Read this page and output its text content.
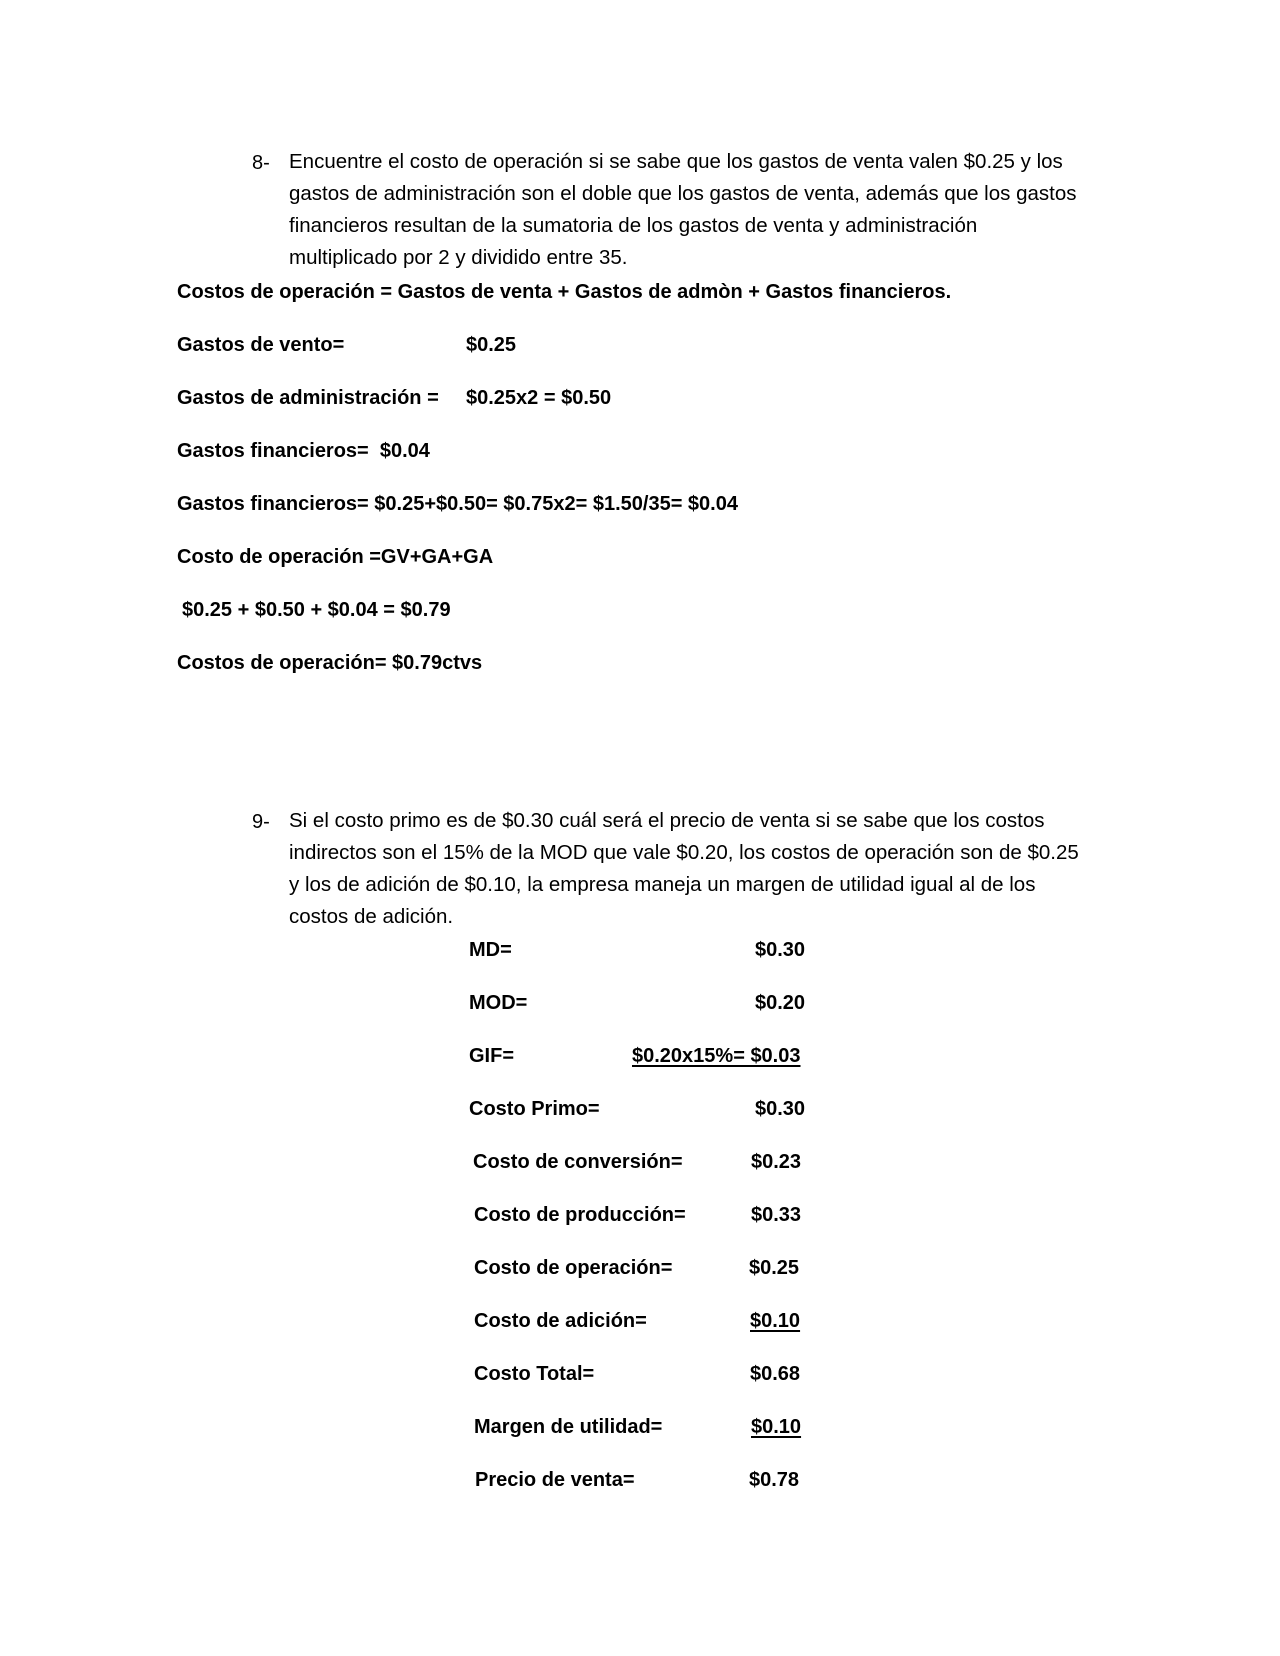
8- Encuentre el costo de operación si se sabe que los gastos de venta valen $0.25 y los
gastos de administración son el doble que los gastos de venta, además que los gastos
financieros resultan de la sumatoria de los gastos de venta y administración
multiplicado por 2 y dividido entre 35.
Costos de operación = Gastos de venta + Gastos de admòn + Gastos financieros.
Gastos de vento=	$0.25
Gastos de administración = $0.25x2 = $0.50
Gastos financieros=  $0.04
Gastos financieros= $0.25+$0.50= $0.75x2= $1.50/35= $0.04
Costo de operación =GV+GA+GA
$0.25 + $0.50 + $0.04 = $0.79
Costos de operación= $0.79ctvs
9- Si el costo primo es de $0.30 cuál será el precio de venta si se sabe que los costos
indirectos son el 15% de la MOD que vale $0.20, los costos de operación son de $0.25
y los de adición de $0.10, la empresa maneja un margen de utilidad igual al de los
costos de adición.
MD=	$0.30
MOD=	$0.20
GIF=	$0.20x15%= $0.03
Costo Primo=	$0.30
Costo de conversión=	$0.23
Costo de producción=	$0.33
Costo de operación=	$0.25
Costo de adición=	$0.10
Costo Total=	$0.68
Margen de utilidad=	$0.10
Precio de venta=	$0.78
